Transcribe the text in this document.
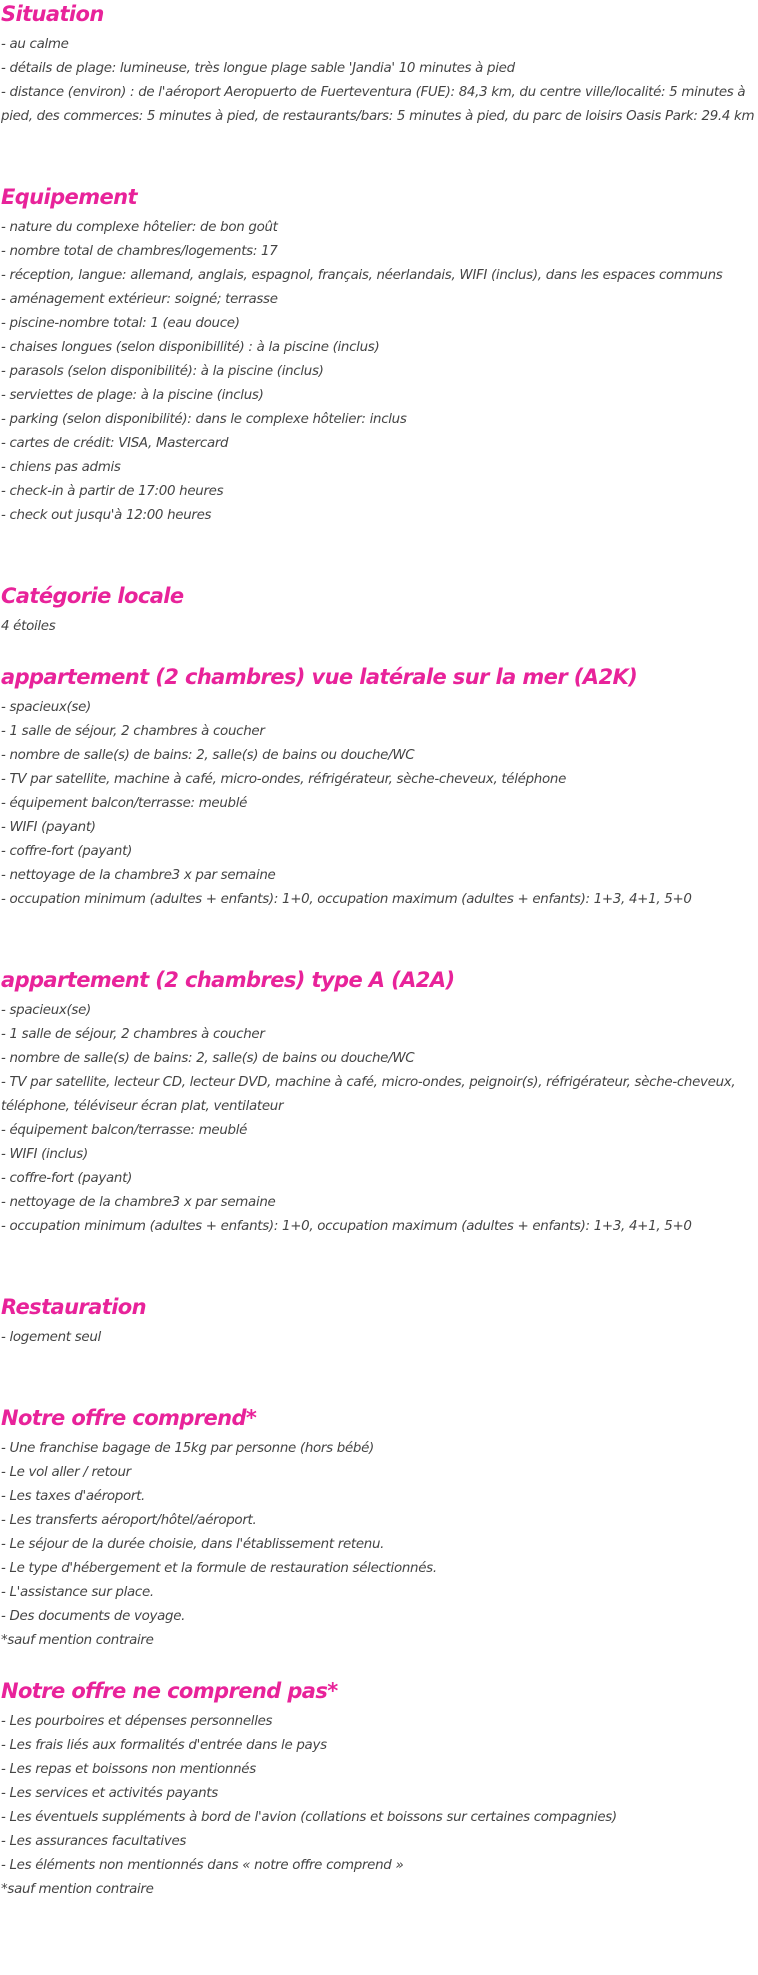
Situation
- au calme
- détails de plage: lumineuse, très longue plage sable 'Jandia' 10 minutes à pied
- distance (environ) : de l'aéroport Aeropuerto de Fuerteventura (FUE): 84,3 km, du centre ville/localité: 5 minutes à pied, des commerces: 5 minutes à pied, de restaurants/bars: 5 minutes à pied, du parc de loisirs Oasis Park: 29.4 km
Equipement
- nature du complexe hôtelier: de bon goût
- nombre total de chambres/logements: 17
- réception, langue: allemand, anglais, espagnol, français, néerlandais, WIFI (inclus), dans les espaces communs
- aménagement extérieur: soigné; terrasse
- piscine-nombre total: 1 (eau douce)
- chaises longues (selon disponibillité) : à la piscine (inclus)
- parasols (selon disponibilité): à la piscine (inclus)
- serviettes de plage: à la piscine (inclus)
- parking (selon disponibilité): dans le complexe hôtelier: inclus
- cartes de crédit: VISA, Mastercard
- chiens pas admis
- check-in à partir de 17:00 heures
- check out jusqu'à 12:00 heures
Catégorie locale
4 étoiles
appartement (2 chambres) vue latérale sur la mer (A2K)
- spacieux(se)
- 1 salle de séjour, 2 chambres à coucher
- nombre de salle(s) de bains: 2, salle(s) de bains ou douche/WC
- TV par satellite, machine à café, micro-ondes, réfrigérateur, sèche-cheveux, téléphone
- équipement balcon/terrasse: meublé
- WIFI (payant)
- coffre-fort (payant)
- nettoyage de la chambre3 x par semaine
- occupation minimum (adultes + enfants): 1+0, occupation maximum (adultes + enfants): 1+3, 4+1, 5+0
appartement (2 chambres) type A (A2A)
- spacieux(se)
- 1 salle de séjour, 2 chambres à coucher
- nombre de salle(s) de bains: 2, salle(s) de bains ou douche/WC
- TV par satellite, lecteur CD, lecteur DVD, machine à café, micro-ondes, peignoir(s), réfrigérateur, sèche-cheveux, téléphone, téléviseur écran plat, ventilateur
- équipement balcon/terrasse: meublé
- WIFI (inclus)
- coffre-fort (payant)
- nettoyage de la chambre3 x par semaine
- occupation minimum (adultes + enfants): 1+0, occupation maximum (adultes + enfants): 1+3, 4+1, 5+0
Restauration
- logement seul
Notre offre comprend*
- Une franchise bagage de 15kg par personne (hors bébé)
- Le vol aller / retour
- Les taxes d'aéroport.
- Les transferts aéroport/hôtel/aéroport.
- Le séjour de la durée choisie, dans l'établissement retenu.
- Le type d'hébergement et la formule de restauration sélectionnés.
- L'assistance sur place.
- Des documents de voyage.
*sauf mention contraire
Notre offre ne comprend pas*
- Les pourboires et dépenses personnelles
- Les frais liés aux formalités d'entrée dans le pays
- Les repas et boissons non mentionnés
- Les services et activités payants
- Les éventuels suppléments à bord de l'avion (collations et boissons sur certaines compagnies)
- Les assurances facultatives
- Les éléments non mentionnés dans « notre offre comprend »
*sauf mention contraire
